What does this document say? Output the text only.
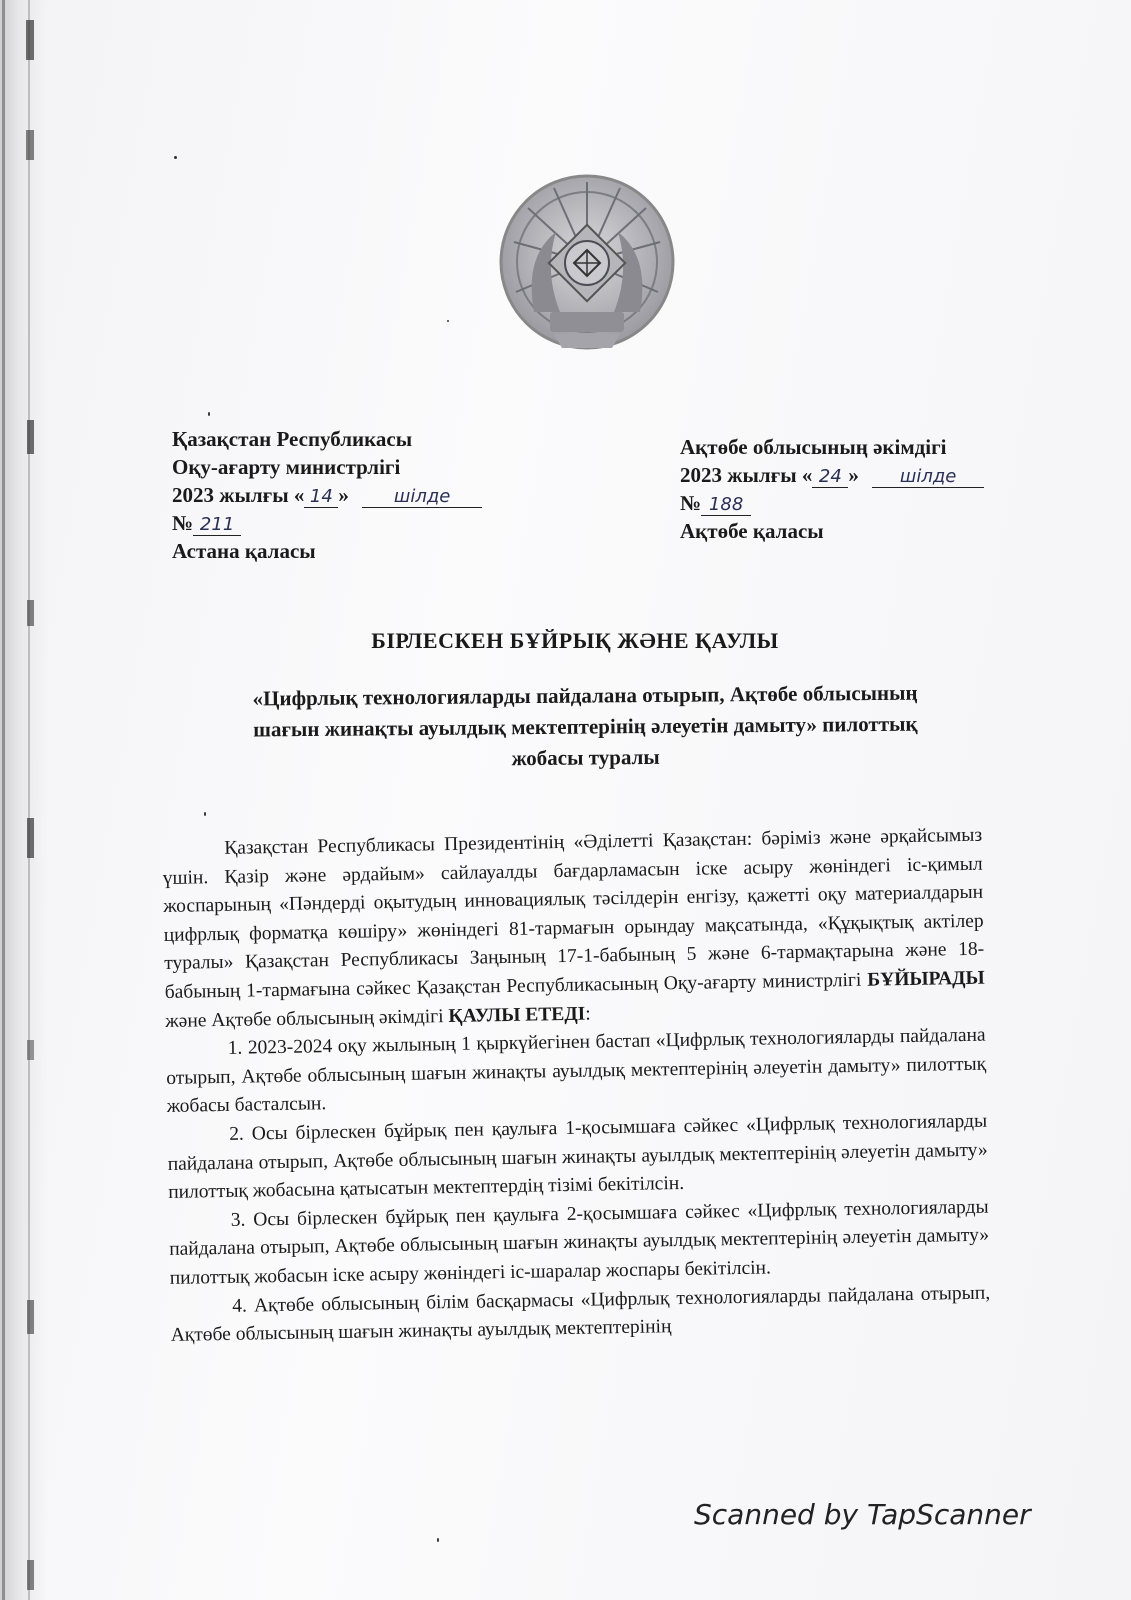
Қазақстан Республикасы
Оқу-ағарту министрлігі
2023 жылғы « 14 »	шілде
№ 211
Астана қаласы
Ақтөбе облысының әкімдігі
2023 жылғы « 24 » шілде
№ 188
Ақтөбе қаласы
БІРЛЕСКЕН БҰЙРЫҚ ЖӘНЕ ҚАУЛЫ
«Цифрлық технологияларды пайдалана отырып, Ақтөбе облысының
шағын жинақты ауылдық мектептерінің әлеуетін дамыту» пилоттық
жобасы туралы

Қазақстан Республикасы Президентінің «Әділетті Қазақстан: бәріміз және әрқайсымыз үшін. Қазір және әрдайым» сайлауалды бағдарламасын іске асыру жөніндегі іс-қимыл жоспарының «Пәндерді оқытудың инновациялық тәсілдерін енгізу, қажетті оқу материалдарын цифрлық форматқа көшіру» жөніндегі 81-тармағын орындау мақсатында, «Құқықтық актілер туралы» Қазақстан Республикасы Заңының 17-1-бабының 5 және 6-тармақтарына және 18-бабының 1-тармағына сәйкес Қазақстан Республикасының Оқу-ағарту министрлігі БҰЙЫРАДЫ және Ақтөбе облысының әкімдігі ҚАУЛЫ ЕТЕДІ:

1. 2023-2024 оқу жылының 1 қыркүйегінен бастап «Цифрлық технологияларды пайдалана отырып, Ақтөбе облысының шағын жинақты ауылдық мектептерінің әлеуетін дамыту» пилоттық жобасы басталсын.

2. Осы бірлескен бұйрық пен қаулыға 1-қосымшаға сәйкес «Цифрлық технологияларды пайдалана отырып, Ақтөбе облысының шағын жинақты ауылдық мектептерінің әлеуетін дамыту» пилоттық жобасына қатысатын мектептердің тізімі бекітілсін.

3. Осы бірлескен бұйрық пен қаулыға 2-қосымшаға сәйкес «Цифрлық технологияларды пайдалана отырып, Ақтөбе облысының шағын жинақты ауылдық мектептерінің әлеуетін дамыту» пилоттық жобасын іске асыру жөніндегі іс-шаралар жоспары бекітілсін.

4. Ақтөбе облысының білім басқармасы «Цифрлық технологияларды пайдалана отырып, Ақтөбе облысының шағын жинақты ауылдық мектептерінің

Scanned by TapScanner
